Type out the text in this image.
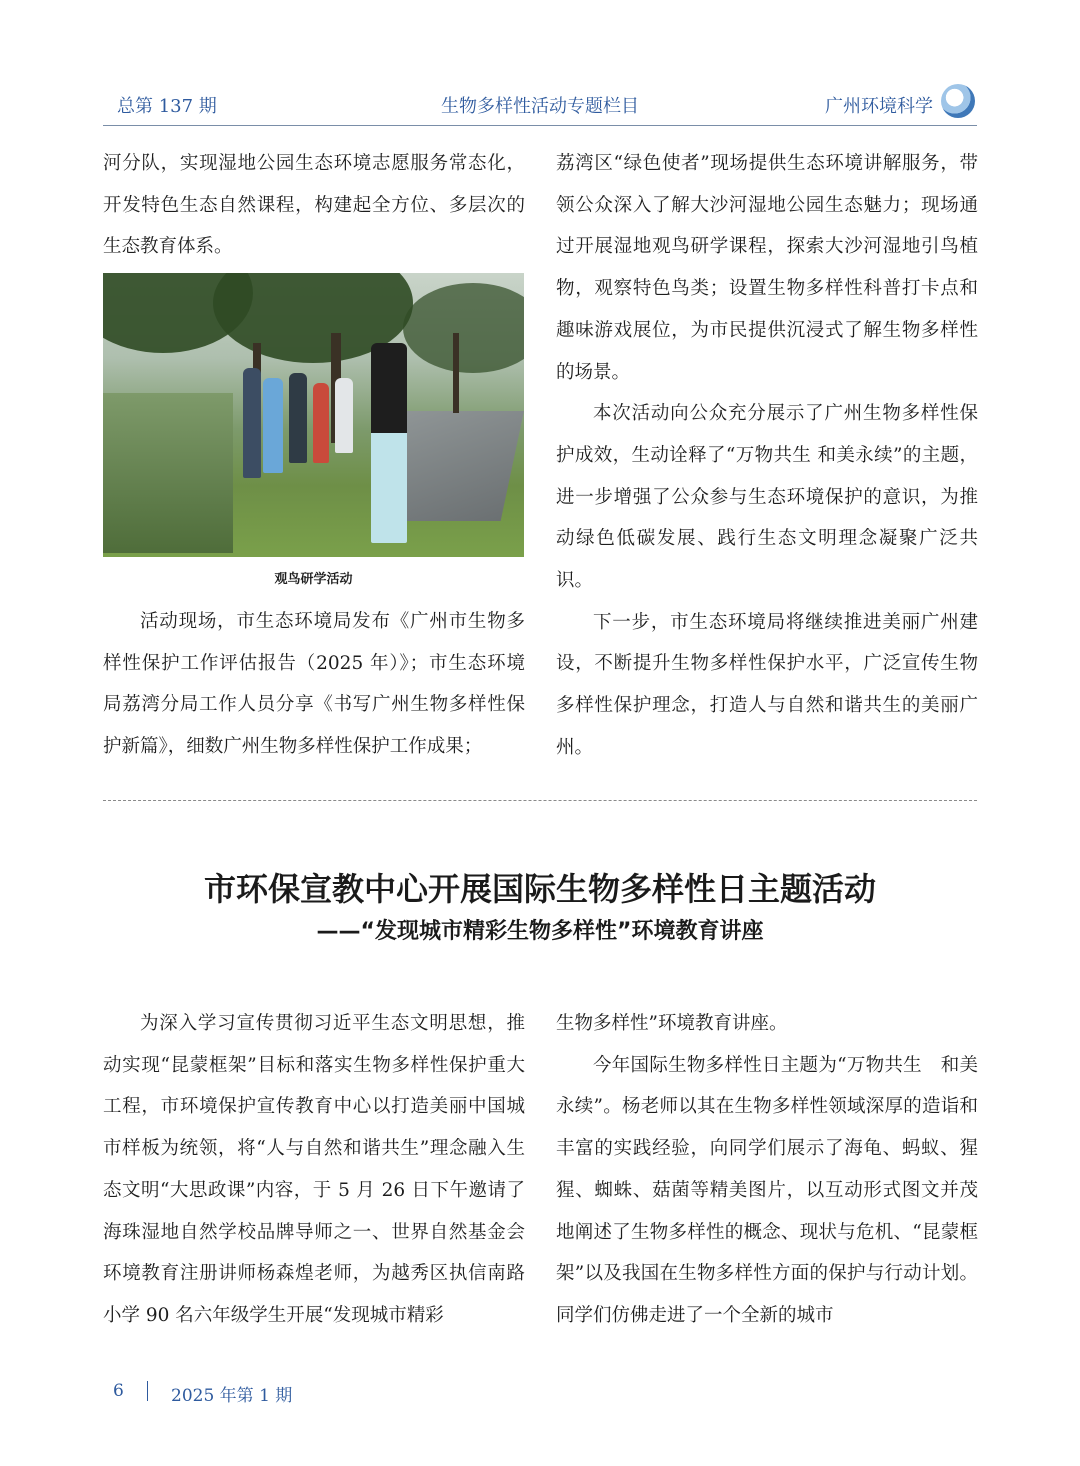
总第 137 期	生物多样性活动专题栏目	广州环境科学

河分队，实现湿地公园生态环境志愿服务常态化，开发特色生态自然课程，构建起全方位、多层次的生态教育体系。

观鸟研学活动

活动现场，市生态环境局发布《广州市生物多样性保护工作评估报告（2025 年）》；市生态环境局荔湾分局工作人员分享《书写广州生物多样性保护新篇》，细数广州生物多样性保护工作成果；

荔湾区“绿色使者”现场提供生态环境讲解服务，带领公众深入了解大沙河湿地公园生态魅力；现场通过开展湿地观鸟研学课程，探索大沙河湿地引鸟植物，观察特色鸟类；设置生物多样性科普打卡点和趣味游戏展位，为市民提供沉浸式了解生物多样性的场景。

本次活动向公众充分展示了广州生物多样性保护成效，生动诠释了“万物共生 和美永续”的主题，进一步增强了公众参与生态环境保护的意识，为推动绿色低碳发展、践行生态文明理念凝聚广泛共识。

下一步，市生态环境局将继续推进美丽广州建设，不断提升生物多样性保护水平，广泛宣传生物多样性保护理念，打造人与自然和谐共生的美丽广州。

市环保宣教中心开展国际生物多样性日主题活动
——“发现城市精彩生物多样性”环境教育讲座

为深入学习宣传贯彻习近平生态文明思想，推动实现“昆蒙框架”目标和落实生物多样性保护重大工程，市环境保护宣传教育中心以打造美丽中国城市样板为统领，将“人与自然和谐共生”理念融入生态文明“大思政课”内容，于 5 月 26 日下午邀请了海珠湿地自然学校品牌导师之一、世界自然基金会环境教育注册讲师杨森煌老师，为越秀区执信南路小学 90 名六年级学生开展“发现城市精彩

生物多样性”环境教育讲座。

今年国际生物多样性日主题为“万物共生　和美永续”。杨老师以其在生物多样性领域深厚的造诣和丰富的实践经验，向同学们展示了海龟、蚂蚁、猩猩、蜘蛛、菇菌等精美图片，以互动形式图文并茂地阐述了生物多样性的概念、现状与危机、“昆蒙框架”以及我国在生物多样性方面的保护与行动计划。同学们仿佛走进了一个全新的城市

6	2025 年第 1 期
